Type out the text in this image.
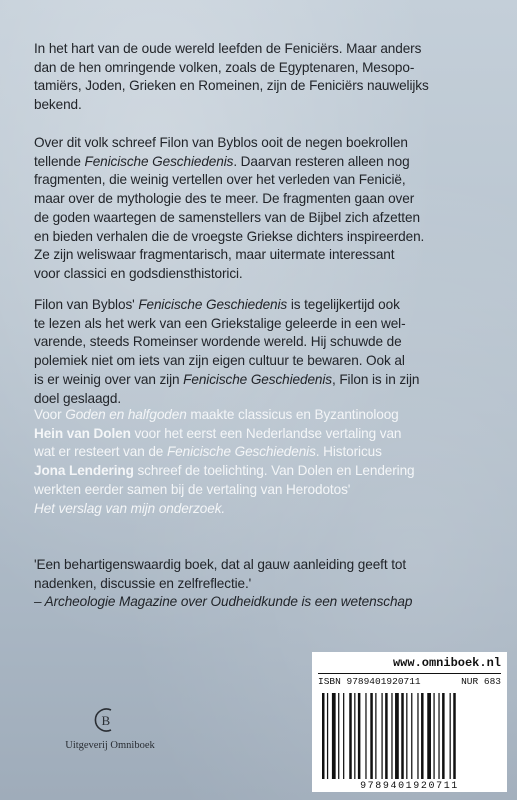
In het hart van de oude wereld leefden de Feniciërs. Maar anders
dan de hen omringende volken, zoals de Egyptenaren, Mesopo-
tamiërs, Joden, Grieken en Romeinen, zijn de Feniciërs nauwelijks
bekend.
Over dit volk schreef Filon van Byblos ooit de negen boekrollen
tellende Fenicische Geschiedenis. Daarvan resteren alleen nog
fragmenten, die weinig vertellen over het verleden van Fenicië,
maar over de mythologie des te meer. De fragmenten gaan over
de goden waartegen de samenstellers van de Bijbel zich afzetten
en bieden verhalen die de vroegste Griekse dichters inspireerden.
Ze zijn weliswaar fragmentarisch, maar uitermate interessant
voor classici en godsdiensthistorici.
Filon van Byblos' Fenicische Geschiedenis is tegelijkertijd ook
te lezen als het werk van een Griekstalige geleerde in een wel-
varende, steeds Romeinser wordende wereld. Hij schuwde de
polemiek niet om iets van zijn eigen cultuur te bewaren. Ook al
is er weinig over van zijn Fenicische Geschiedenis, Filon is in zijn
doel geslaagd.
Voor Goden en halfgoden maakte classicus en Byzantinoloog
Hein van Dolen voor het eerst een Nederlandse vertaling van
wat er resteert van de Fenicische Geschiedenis. Historicus
Jona Lendering schreef de toelichting. Van Dolen en Lendering
werkten eerder samen bij de vertaling van Herodotos'
Het verslag van mijn onderzoek.
'Een behartigenswaardig boek, dat al gauw aanleiding geeft tot
nadenken, discussie en zelfreflectie.'
– Archeologie Magazine over Oudheidkunde is een wetenschap
B
Uitgeverij Omniboek
www.omniboek.nl
ISBN 9789401920711	NUR 683
9789401920711
